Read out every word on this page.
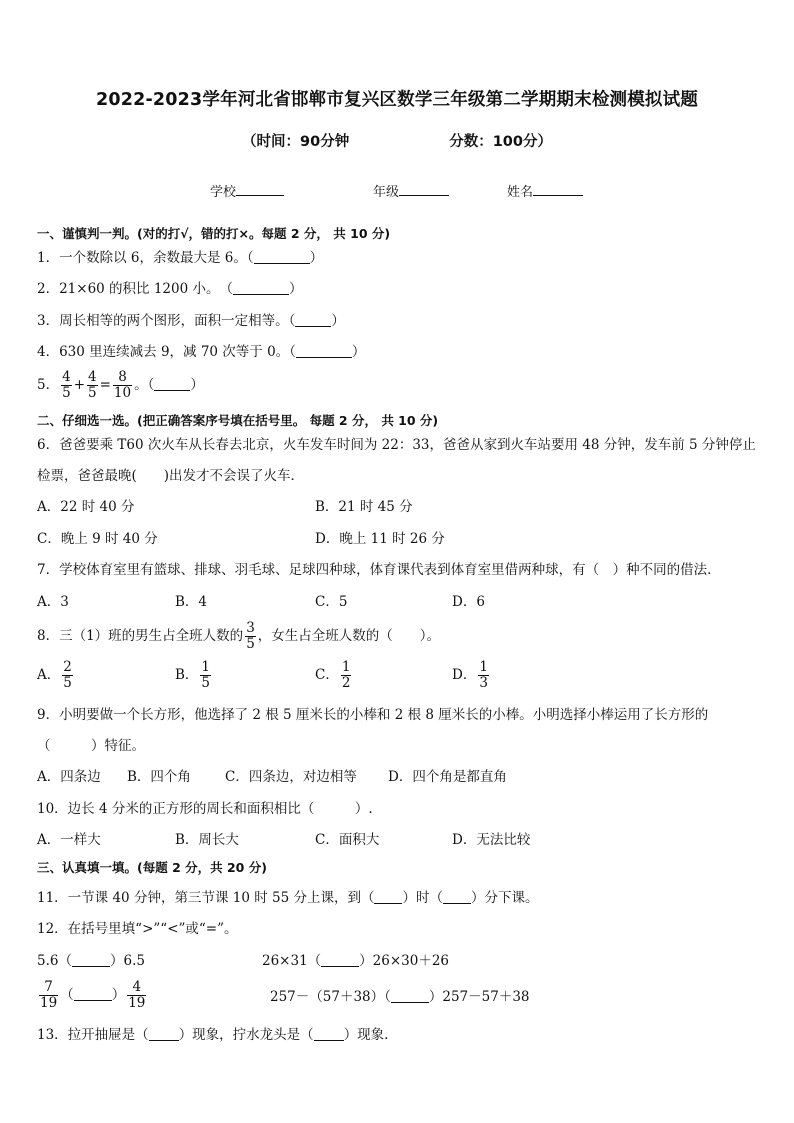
2022-2023学年河北省邯郸市复兴区数学三年级第二学期期末检测模拟试题
（时间：90分钟	分数：100分）
学校	年级	姓名
一、谨慎判一判。(对的打√，错的打×。每题 2 分， 共 10 分)
1．一个数除以 6，余数最大是 6。（	）
2．21×60 的积比 1200 小。　（	）
3．周长相等的两个图形，面积一定相等。（	）
4．630 里连续减去 9，减 70 次等于 0。（	）
5． $\frac{4}{5} + \frac{4}{5} = \frac{8}{10}$ 。（	）
二、仔细选一选。(把正确答案序号填在括号里。 每题 2 分， 共 10 分)
6．爸爸要乘 T60 次火车从长春去北京，火车发车时间为 22：33，爸爸从家到火车站要用 48 分钟，发车前 5 分钟停止
检票，爸爸最晚(　　)出发才不会误了火车．
A．22 时 40 分	B．21 时 45 分
C．晚上 9 时 40 分	D．晚上 11 时 26 分
7．学校体育室里有篮球、排球、羽毛球、足球四种球，体育课代表到体育室里借两种球，有（　）种不同的借法．
A．3	B．4	C．5	D．6
8．三（1）班的男生占全班人数的 $\frac{3}{5}$ ，女生占全班人数的（　　）。
A． $\frac{2}{5}$	B． $\frac{1}{5}$	C． $\frac{1}{2}$	D． $\frac{1}{3}$
9．小明要做一个长方形，他选择了 2 根 5 厘米长的小棒和 2 根 8 厘米长的小棒。小明选择小棒运用了长方形的
（　　　）特征。
A．四条边 B．四个角	C．四条边，对边相等 D．四个角是都直角
10．边长 4 分米的正方形的周长和面积相比（　　　）.
A．一样大	B．周长大	C．面积大	D．无法比较
三、认真填一填。(每题 2 分，共 20 分)
11．一节课 40 分钟，第三节课 10 时 55 分上课，到（ ）时（ ）分下课。
12．在括号里填“>”“<”或“=”。
5.6（	）6.5	26×31（	）26×30＋26
$\frac{7}{19}$ （	） $\frac{4}{19}$	257－（57＋38）（	）257－57＋38
13．拉开抽屉是（ ）现象，拧水龙头是（ ）现象.
